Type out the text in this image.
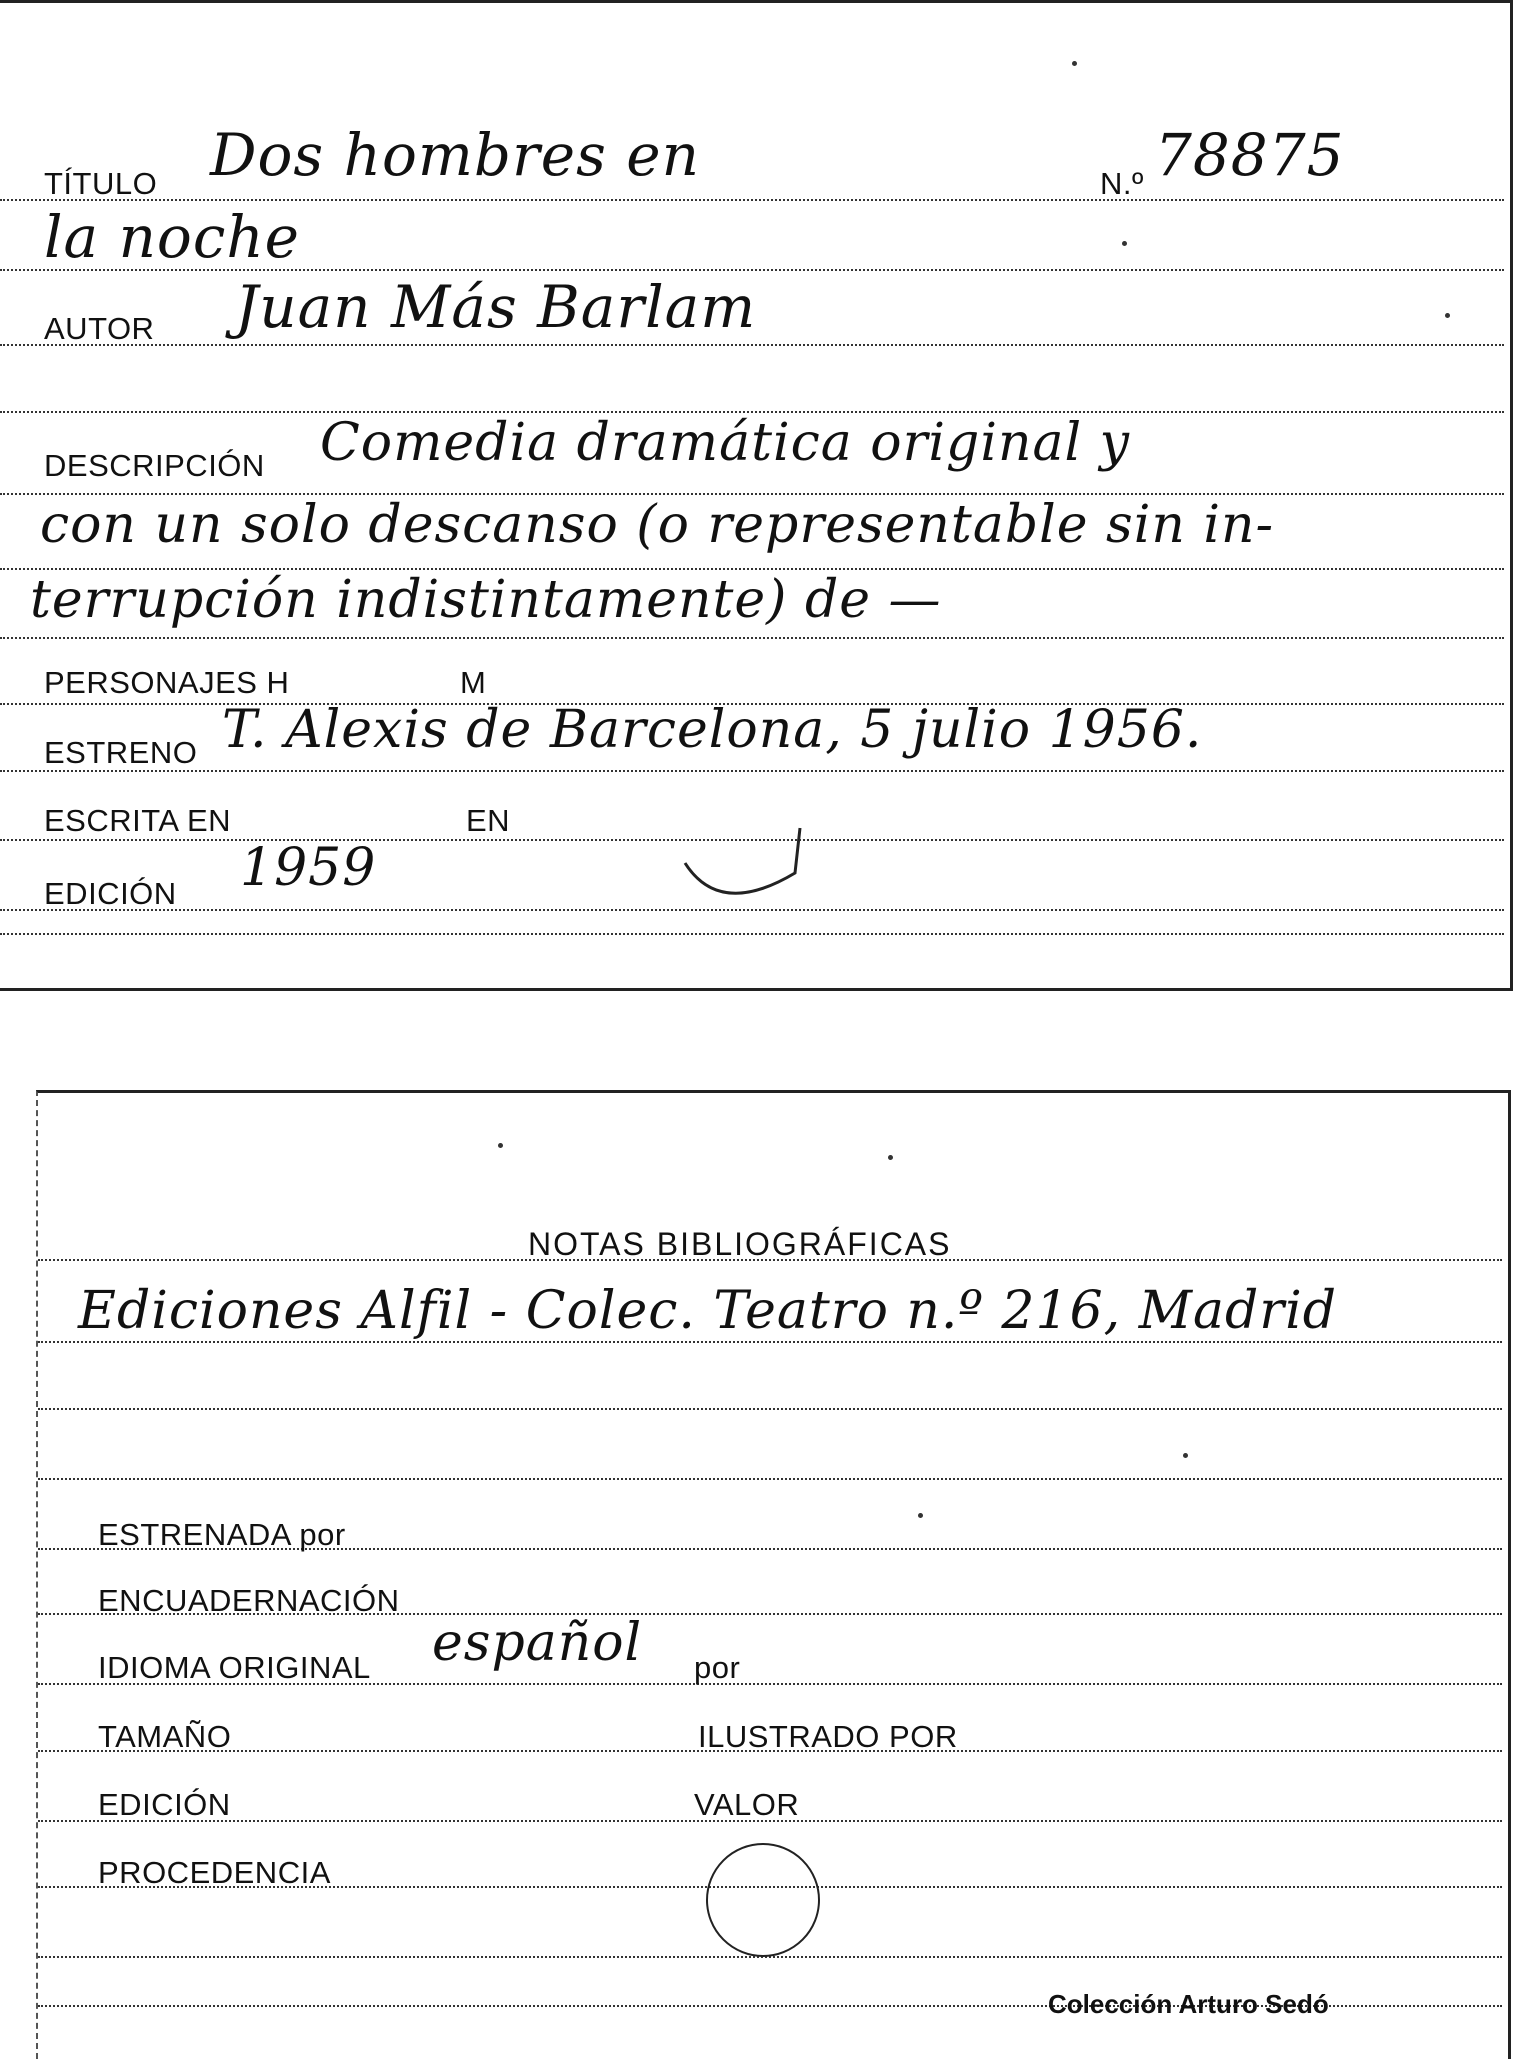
TÍTULO Dos hombres en	N.º 78875
la noche
AUTOR Juan Más Barlam
DESCRIPCIÓN Comedia dramática original y
con un solo descanso (o representable sin in-
terrupción indistintamente) de —
PERSONAJES H	M
ESTRENO T. Alexis de Barcelona, 5 julio 1956.
ESCRITA EN	EN
EDICIÓN 1959
NOTAS BIBLIOGRÁFICAS
Ediciones Alfil - Colec. Teatro n.º 216, Madrid
ESTRENADA por
ENCUADERNACIÓN
IDIOMA ORIGINAL español por
TAMAÑO	ILUSTRADO POR
EDICIÓN	VALOR
PROCEDENCIA
Colección Arturo Sedó
